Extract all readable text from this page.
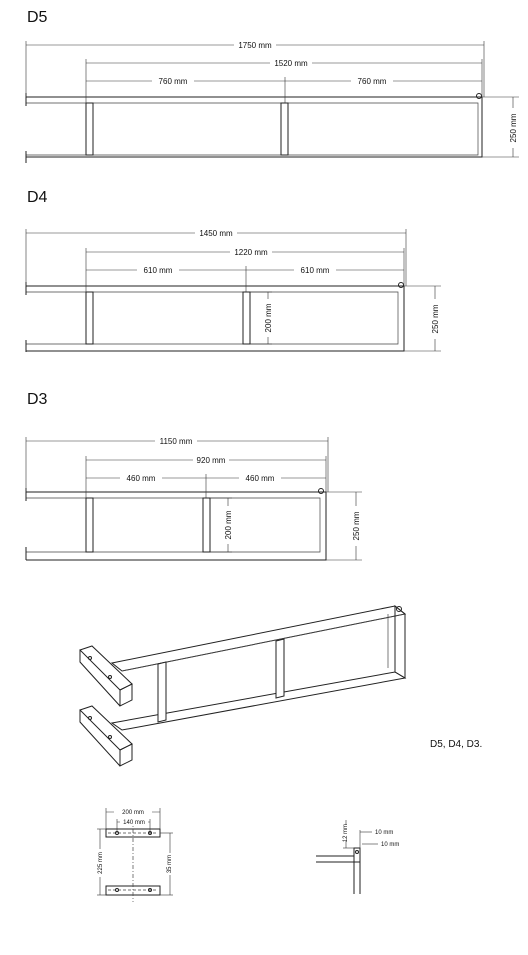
D5
1750 mm
1520 mm
760 mm	760 mm
250 mm
D4
1450 mm
1220 mm
610 mm	610 mm
200 mm	250 mm
D3
1150 mm
920 mm
460 mm	460 mm
200 mm	250 mm
D5, D4, D3.
200 mm
140 mm
225 mm	35 mm
12 mm	10 mm
10 mm
